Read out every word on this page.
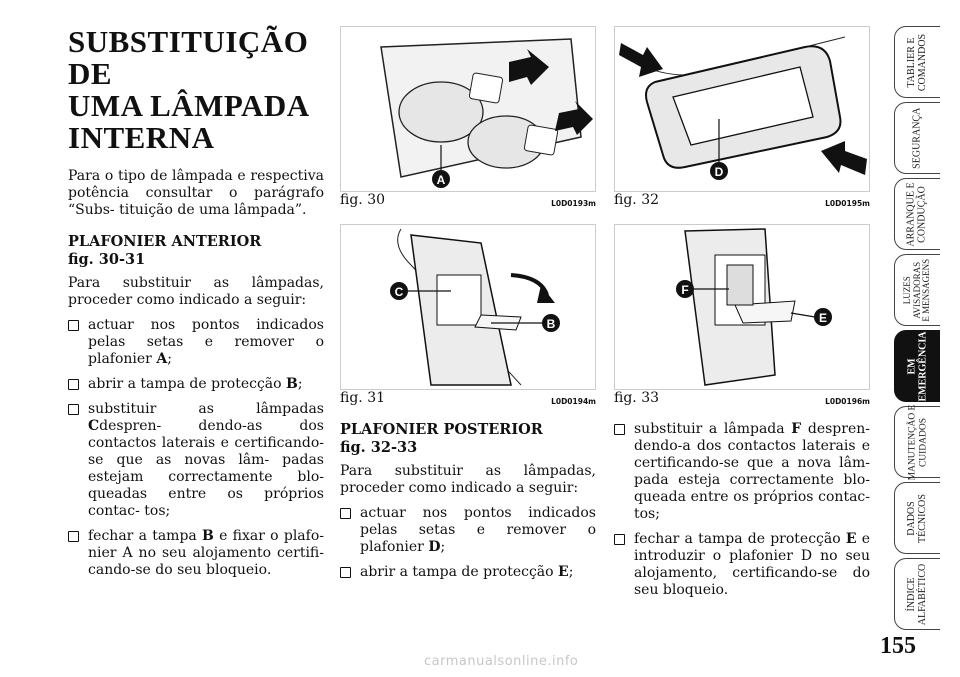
SUBSTITUIÇÃO DE
UMA LÂMPADA
INTERNA

Para o tipo de lâmpada e respectiva potência consultar o parágrafo “Subs- tituição de uma lâmpada”.

PLAFONIER ANTERIOR

fig. 30-31

Para substituir as lâmpadas, proceder como indicado a seguir:

actuar nos pontos indicados pelas setas e remover o plafonier A;
abrir a tampa de protecção B;
substituir as lâmpadas Cdespren- dendo-as dos contactos laterais e certificando-se que as novas lâm- padas estejam correctamente blo- queadas entre os próprios contac- tos;
fechar a tampa B e fixar o plafo- nier A no seu alojamento certifi- cando-se do seu bloqueio.
A
fig. 30	L0D0193m
D
fig. 32	L0D0195m
C
B
fig. 31	L0D0194m
F
E
fig. 33	L0D0196m

PLAFONIER POSTERIOR

fig. 32-33

Para substituir as lâmpadas, proceder como indicado a seguir:

actuar nos pontos indicados pelas setas e remover o plafonier D;
abrir a tampa de protecção E;
substituir a lâmpada F despren- dendo-a dos contactos laterais e certificando-se que a nova lâm- pada esteja correctamente blo- queada entre os próprios contac- tos;
fechar a tampa de protecção E e introduzir o plafonier D no seu alojamento, certificando-se do seu bloqueio.
TABLIER E
COMANDOS
SEGURANÇA
ARRANQUE E
CONDUÇÃO
LUZES
AVISADORAS
E MENSAGENS
EM
EMERGÊNCIA
MANUTENÇÃO E
CUIDADOS
DADOS
TÉCNICOS
ÍNDICE
ALFABÉTICO
155
carmanualsonline.info
